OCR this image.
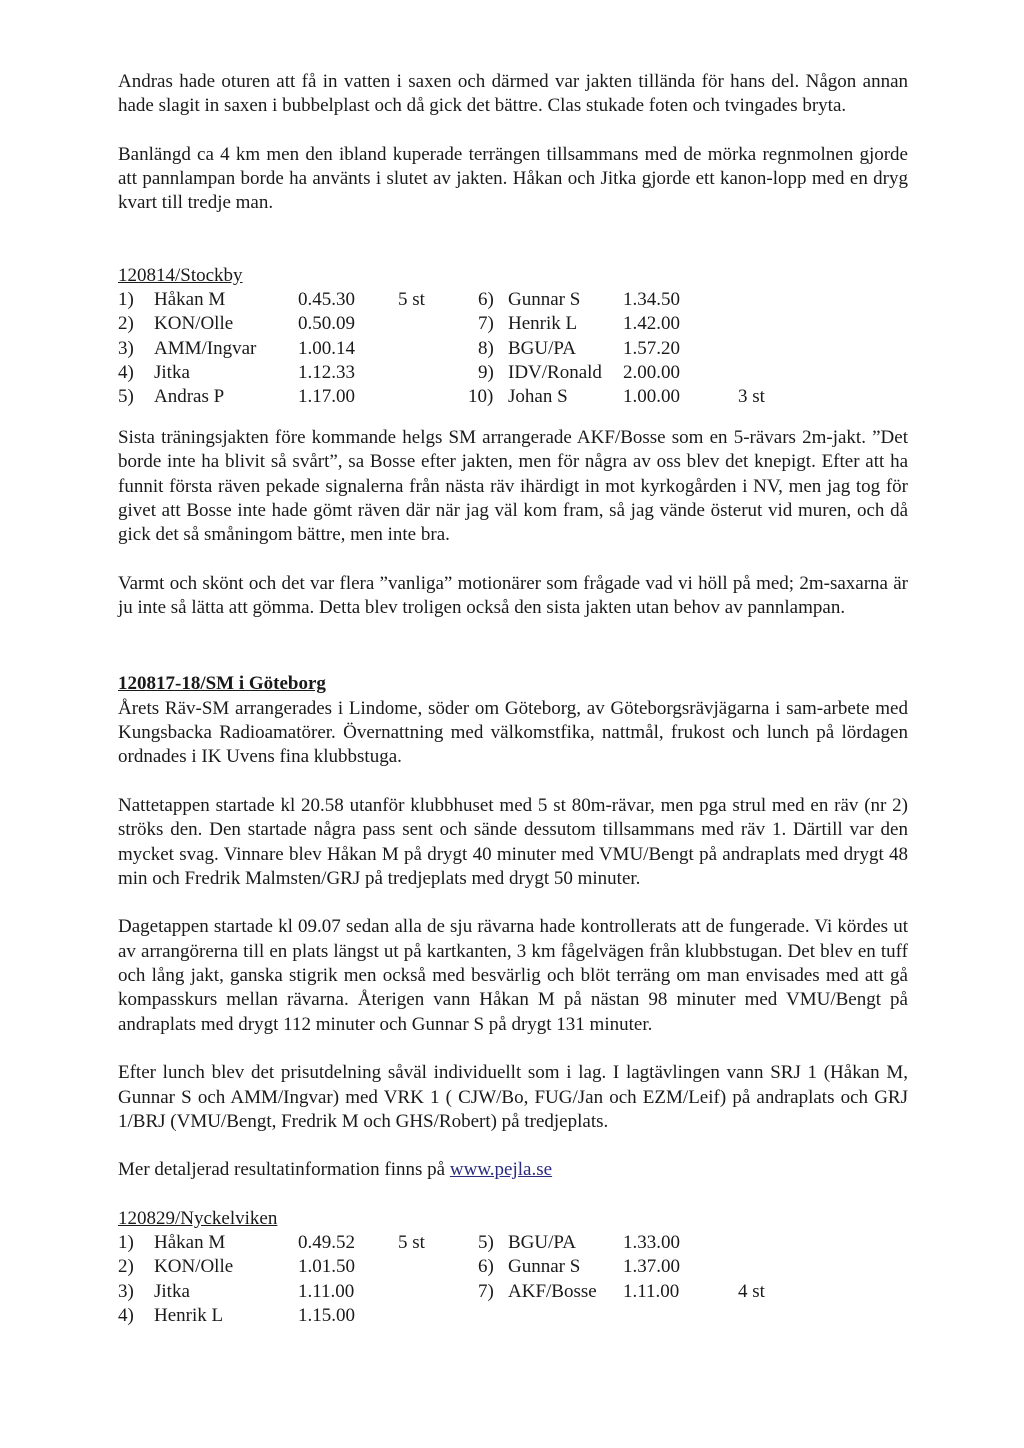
Andras hade oturen att få in vatten i saxen och därmed var jakten tillända för hans del. Någon annan hade slagit in saxen i bubbelplast och då gick det bättre. Clas stukade foten och tvingades bryta.

Banlängd ca 4 km men den ibland kuperade terrängen tillsammans med de mörka regnmolnen gjorde att pannlampan borde ha använts i slutet av jakten. Håkan och Jitka gjorde ett kanon-lopp med en dryg kvart till tredje man.

120814/Stockby
1) Håkan M	0.45.30 5 st
2) KON/Olle	0.50.09
3) AMM/Ingvar 1.00.14
4) Jitka	1.12.33
5) Andras P	1.17.00
6) Gunnar S 1.34.50
7) Henrik L 1.42.00
8) BGU/PA 1.57.20
9) IDV/Ronald 2.00.00
10) Johan S	1.00.00	3 st

Sista träningsjakten före kommande helgs SM arrangerade AKF/Bosse som en 5-rävars 2m-jakt. ”Det borde inte ha blivit så svårt”, sa Bosse efter jakten, men för några av oss blev det knepigt. Efter att ha funnit första räven pekade signalerna från nästa räv ihärdigt in mot kyrkogården i NV, men jag tog för givet att Bosse inte hade gömt räven där när jag väl kom fram, så jag vände österut vid muren, och då gick det så småningom bättre, men inte bra.

Varmt och skönt och det var flera ”vanliga” motionärer som frågade vad vi höll på med; 2m-saxarna är ju inte så lätta att gömma. Detta blev troligen också den sista jakten utan behov av pannlampan.

120817-18/SM i Göteborg

Årets Räv-SM arrangerades i Lindome, söder om Göteborg, av Göteborgsrävjägarna i sam-arbete med Kungsbacka Radioamatörer. Övernattning med välkomstfika, nattmål, frukost och lunch på lördagen ordnades i IK Uvens fina klubbstuga.

Nattetappen startade kl 20.58 utanför klubbhuset med 5 st 80m-rävar, men pga strul med en räv (nr 2) ströks den. Den startade några pass sent och sände dessutom tillsammans med räv 1. Därtill var den mycket svag. Vinnare blev Håkan M på drygt 40 minuter med VMU/Bengt på andraplats med drygt 48 min och Fredrik Malmsten/GRJ på tredjeplats med drygt 50 minuter.

Dagetappen startade kl 09.07 sedan alla de sju rävarna hade kontrollerats att de fungerade. Vi kördes ut av arrangörerna till en plats längst ut på kartkanten, 3 km fågelvägen från klubbstugan. Det blev en tuff och lång jakt, ganska stigrik men också med besvärlig och blöt terräng om man envisades med att gå kompasskurs mellan rävarna. Återigen vann Håkan M på nästan 98 minuter med VMU/Bengt på andraplats med drygt 112 minuter och Gunnar S på drygt 131 minuter.

Efter lunch blev det prisutdelning såväl individuellt som i lag. I lagtävlingen vann SRJ 1 (Håkan M, Gunnar S och AMM/Ingvar) med VRK 1 ( CJW/Bo, FUG/Jan och EZM/Leif) på andraplats och GRJ 1/BRJ (VMU/Bengt, Fredrik M och GHS/Robert) på tredjeplats.

Mer detaljerad resultatinformation finns på www.pejla.se

120829/Nyckelviken
1) Håkan M	0.49.52 5 st
2) KON/Olle	1.01.50
3) Jitka	1.11.00
4) Henrik L	1.15.00
5) BGU/PA 1.33.00
6) Gunnar S 1.37.00
7) AKF/Bosse 1.11.00	4 st
